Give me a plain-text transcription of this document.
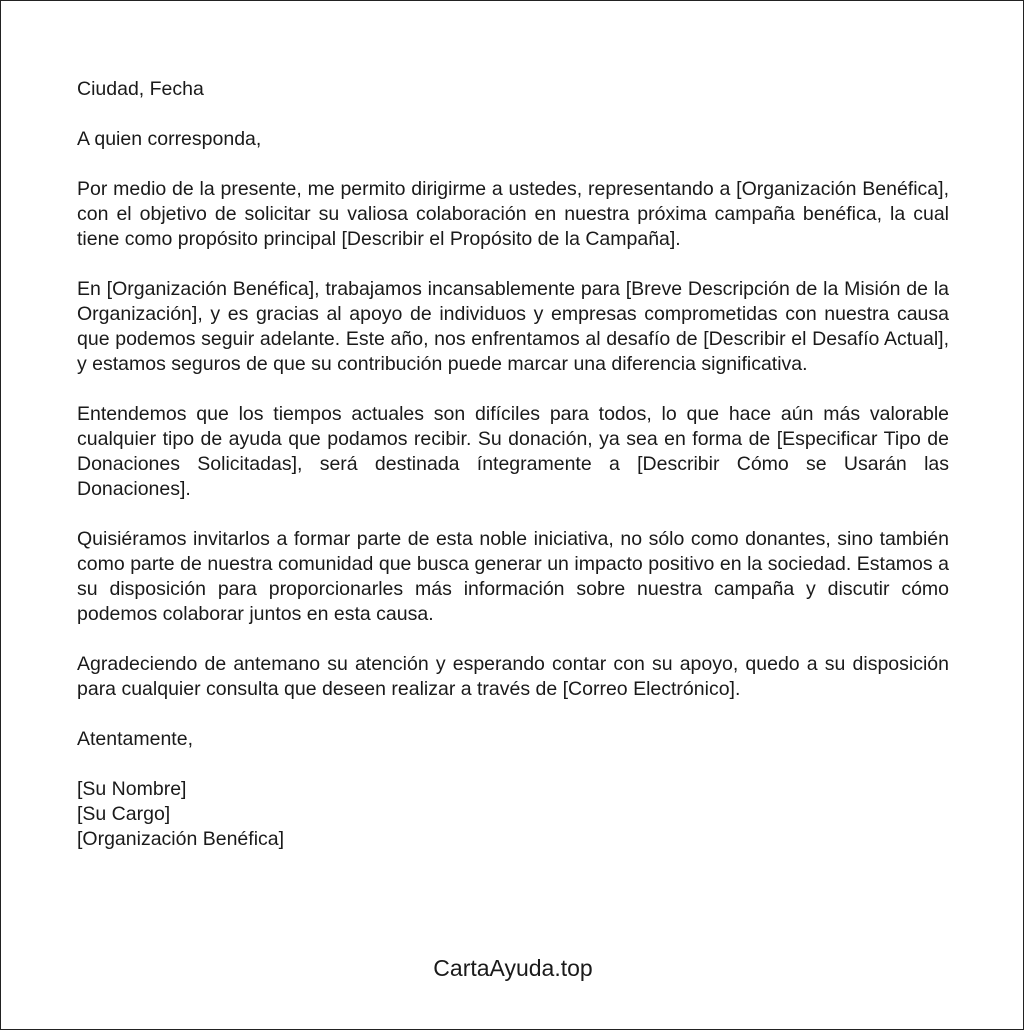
Ciudad, Fecha

A quien corresponda,

Por medio de la presente, me permito dirigirme a ustedes, representando a [Organización Benéfica], con el objetivo de solicitar su valiosa colaboración en nuestra próxima campaña benéfica, la cual tiene como propósito principal [Describir el Propósito de la Campaña].

En [Organización Benéfica], trabajamos incansablemente para [Breve Descripción de la Misión de la Organización], y es gracias al apoyo de individuos y empresas comprometidas con nuestra causa que podemos seguir adelante. Este año, nos enfrentamos al desafío de [Describir el Desafío Actual], y estamos seguros de que su contribución puede marcar una diferencia significativa.

Entendemos que los tiempos actuales son difíciles para todos, lo que hace aún más valorable cualquier tipo de ayuda que podamos recibir. Su donación, ya sea en forma de [Especificar Tipo de Donaciones Solicitadas], será destinada íntegramente a [Describir Cómo se Usarán las Donaciones].

Quisiéramos invitarlos a formar parte de esta noble iniciativa, no sólo como donantes, sino también como parte de nuestra comunidad que busca generar un impacto positivo en la sociedad. Estamos a su disposición para proporcionarles más información sobre nuestra campaña y discutir cómo podemos colaborar juntos en esta causa.

Agradeciendo de antemano su atención y esperando contar con su apoyo, quedo a su disposición para cualquier consulta que deseen realizar a través de [Correo Electrónico].

Atentamente,

[Su Nombre]

[Su Cargo]

[Organización Benéfica]

CartaAyuda.top
